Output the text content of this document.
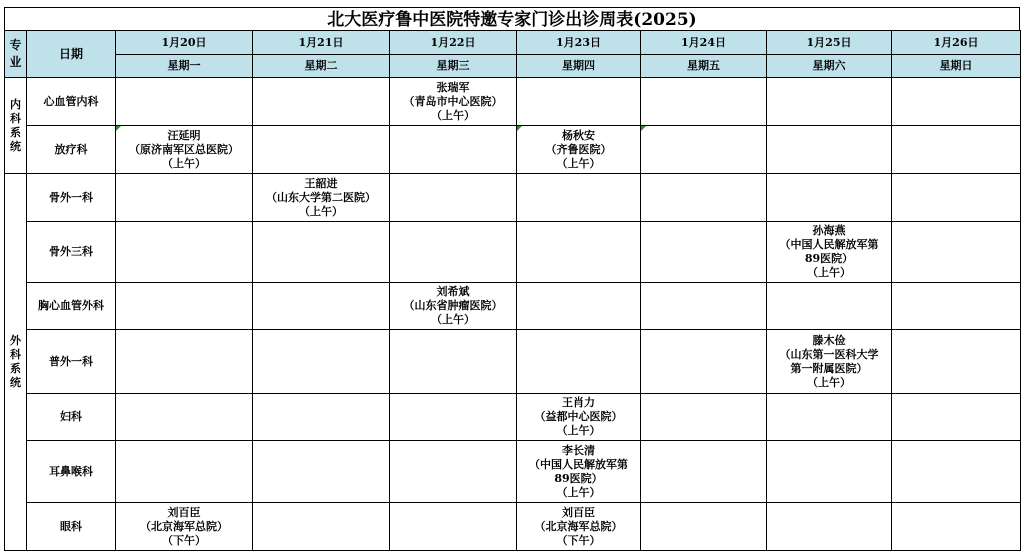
北大医疗鲁中医院特邀专家门诊出诊周表(2025)
专业	日期	1月20日	1月21日	1月22日	1月23日	1月24日	1月25日	1月26日
		星期一	星期二	星期三	星期四	星期五	星期六	星期日
内科系统	心血管内科			张瑞军
（青岛市中心医院）
（上午）				

	放疗科	汪延明
（原济南军区总医院）
（上午）			杨秋安
（齐鲁医院）
（上午）			

外科系统	骨外一科		王韶进
（山东大学第二医院）
（上午）					

	骨外三科						孙海燕
（中国人民解放军第
89医院）
（上午）	

	胸心血管外科			刘希斌
（山东省肿瘤医院）
（上午）				

	普外一科						滕木俭
（山东第一医科大学
第一附属医院）
（上午）	

	妇科				王肖力
（益都中心医院）
（上午）			

	耳鼻喉科				李长清
（中国人民解放军第
89医院）
（上午）			

	眼科	刘百臣
（北京海军总院）
（下午）			刘百臣
（北京海军总院）
（下午）			
